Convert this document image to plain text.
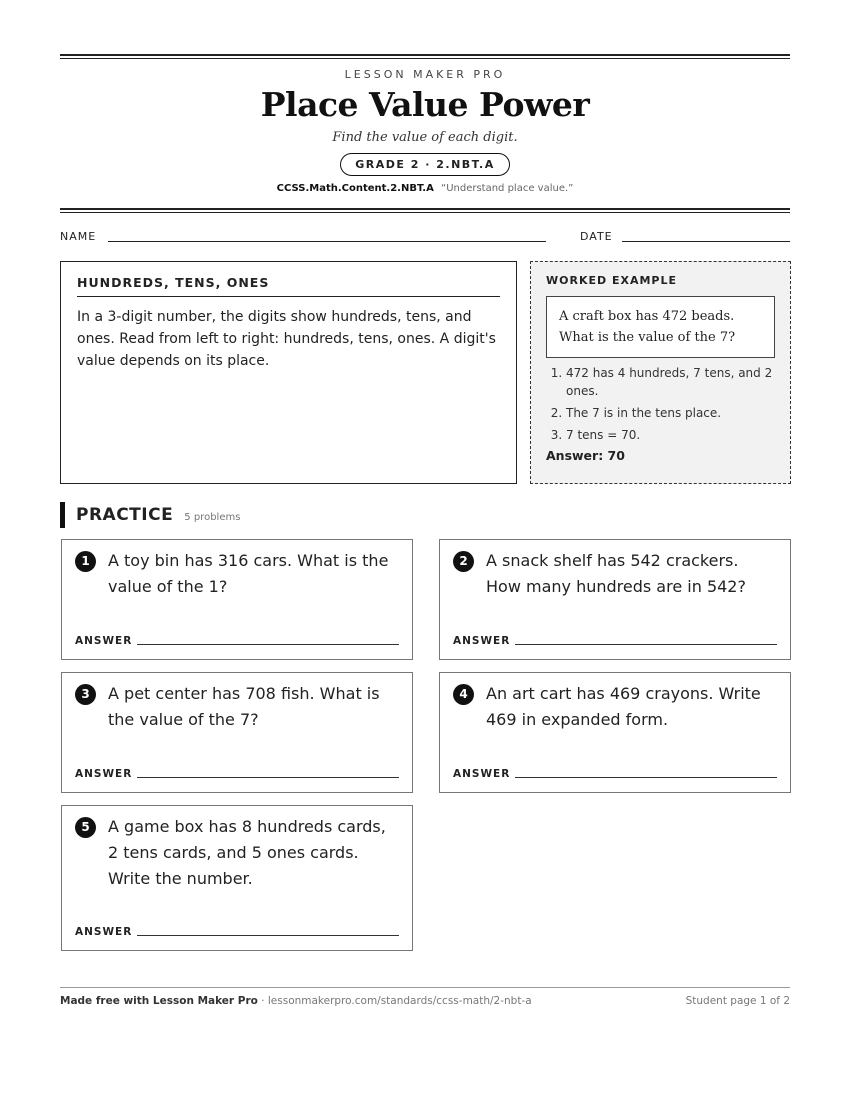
LESSON MAKER PRO
Place Value Power
Find the value of each digit.
GRADE 2 · 2.NBT.A
CCSS.Math.Content.2.NBT.A “Understand place value.”
NAME	DATE
HUNDREDS, TENS, ONES
In a 3-digit number, the digits show hundreds, tens, and ones. Read from left to right: hundreds, tens, ones. A digit's value depends on its place.
WORKED EXAMPLE
A craft box has 472 beads.
What is the value of the 7?
1. 472 has 4 hundreds, 7 tens, and 2 ones.
2. The 7 is in the tens place.
3. 7 tens = 70.
Answer: 70
PRACTICE 5 problems
1	A toy bin has 316 cars. What is the value of the 1?
ANSWER
2	A snack shelf has 542 crackers. How many hundreds are in 542?
ANSWER
3	A pet center has 708 fish. What is the value of the 7?
ANSWER
4	An art cart has 469 crayons. Write 469 in expanded form.
ANSWER
5	A game box has 8 hundreds cards, 2 tens cards, and 5 ones cards. Write the number.
ANSWER
Made free with Lesson Maker Pro · lessonmakerpro.com/standards/ccss-math/2-nbt-a	Student page 1 of 2
